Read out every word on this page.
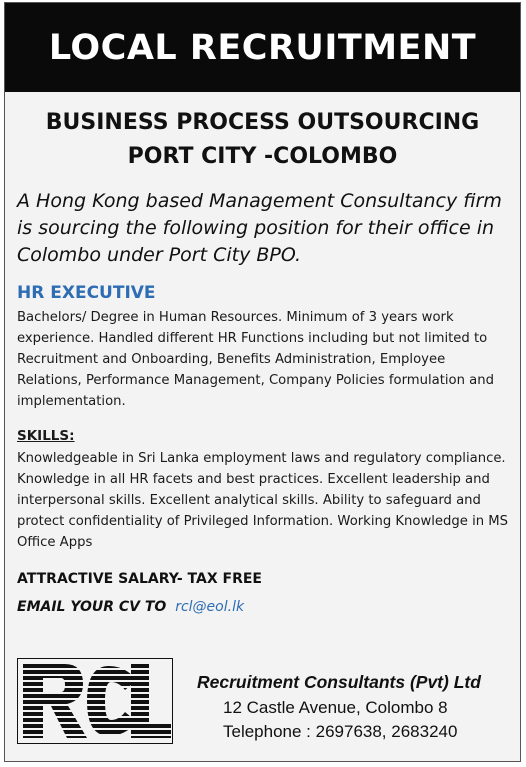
LOCAL RECRUITMENT
BUSINESS PROCESS OUTSOURCING
PORT CITY -COLOMBO
A Hong Kong based Management Consultancy firm is sourcing the following position for their office in Colombo under Port City BPO.
HR EXECUTIVE
Bachelors/ Degree in Human Resources. Minimum of 3 years work experience. Handled different HR Functions including but not limited to Recruitment and Onboarding, Benefits Administration, Employee Relations, Performance Management, Company Policies formulation and implementation.
SKILLS:
Knowledgeable in Sri Lanka employment laws and regulatory compliance. Knowledge in all HR facets and best practices. Excellent leadership and interpersonal skills. Excellent analytical skills. Ability to safeguard and protect confidentiality of Privileged Information. Working Knowledge in MS Office Apps
ATTRACTIVE SALARY- TAX FREE
EMAIL YOUR CV TO rcl@eol.lk
Recruitment Consultants (Pvt) Ltd
12 Castle Avenue, Colombo 8
Telephone : 2697638, 2683240
